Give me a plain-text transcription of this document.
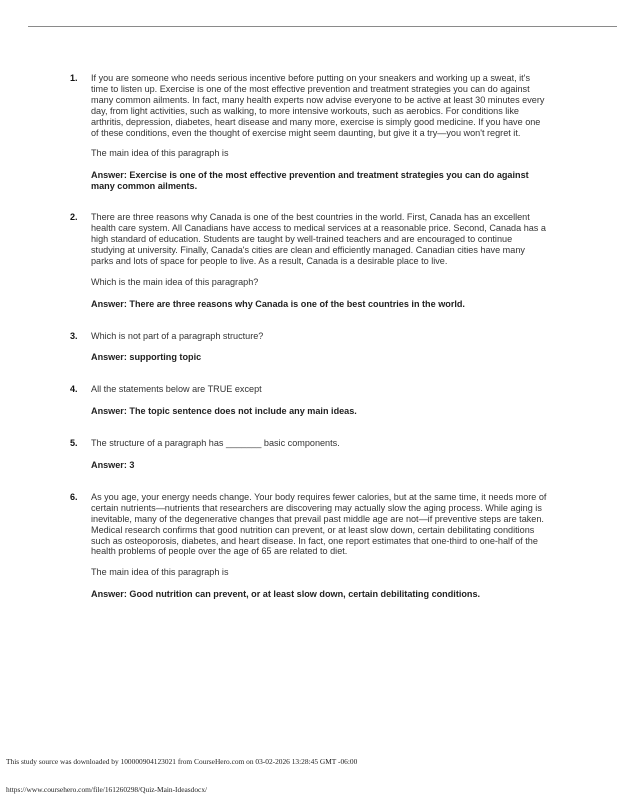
1. If you are someone who needs serious incentive before putting on your sneakers and working up a sweat, it's time to listen up. Exercise is one of the most effective prevention and treatment strategies you can do against many common ailments. In fact, many health experts now advise everyone to be active at least 30 minutes every day, from light activities, such as walking, to more intensive workouts, such as aerobics. For conditions like arthritis, depression, diabetes, heart disease and many more, exercise is simply good medicine. If you have one of these conditions, even the thought of exercise might seem daunting, but give it a try—you won't regret it.

The main idea of this paragraph is

Answer: Exercise is one of the most effective prevention and treatment strategies you can do against many common ailments.

2. There are three reasons why Canada is one of the best countries in the world. First, Canada has an excellent health care system. All Canadians have access to medical services at a reasonable price. Second, Canada has a high standard of education. Students are taught by well-trained teachers and are encouraged to continue studying at university. Finally, Canada's cities are clean and efficiently managed. Canadian cities have many parks and lots of space for people to live. As a result, Canada is a desirable place to live.

Which is the main idea of this paragraph?

Answer: There are three reasons why Canada is one of the best countries in the world.

3. Which is not part of a paragraph structure?

Answer: supporting topic

4. All the statements below are TRUE except

Answer: The topic sentence does not include any main ideas.

5. The structure of a paragraph has _______ basic components.

Answer: 3

6. As you age, your energy needs change. Your body requires fewer calories, but at the same time, it needs more of certain nutrients—nutrients that researchers are discovering may actually slow the aging process. While aging is inevitable, many of the degenerative changes that prevail past middle age are not—if preventive steps are taken. Medical research confirms that good nutrition can prevent, or at least slow down, certain debilitating conditions such as osteoporosis, diabetes, and heart disease. In fact, one report estimates that one-third to one-half of the health problems of people over the age of 65 are related to diet.

The main idea of this paragraph is

Answer: Good nutrition can prevent, or at least slow down, certain debilitating conditions.

This study source was downloaded by 100000904123021 from CourseHero.com on 03-02-2026 13:28:45 GMT -06:00
https://www.coursehero.com/file/161260298/Quiz-Main-Ideasdocx/
